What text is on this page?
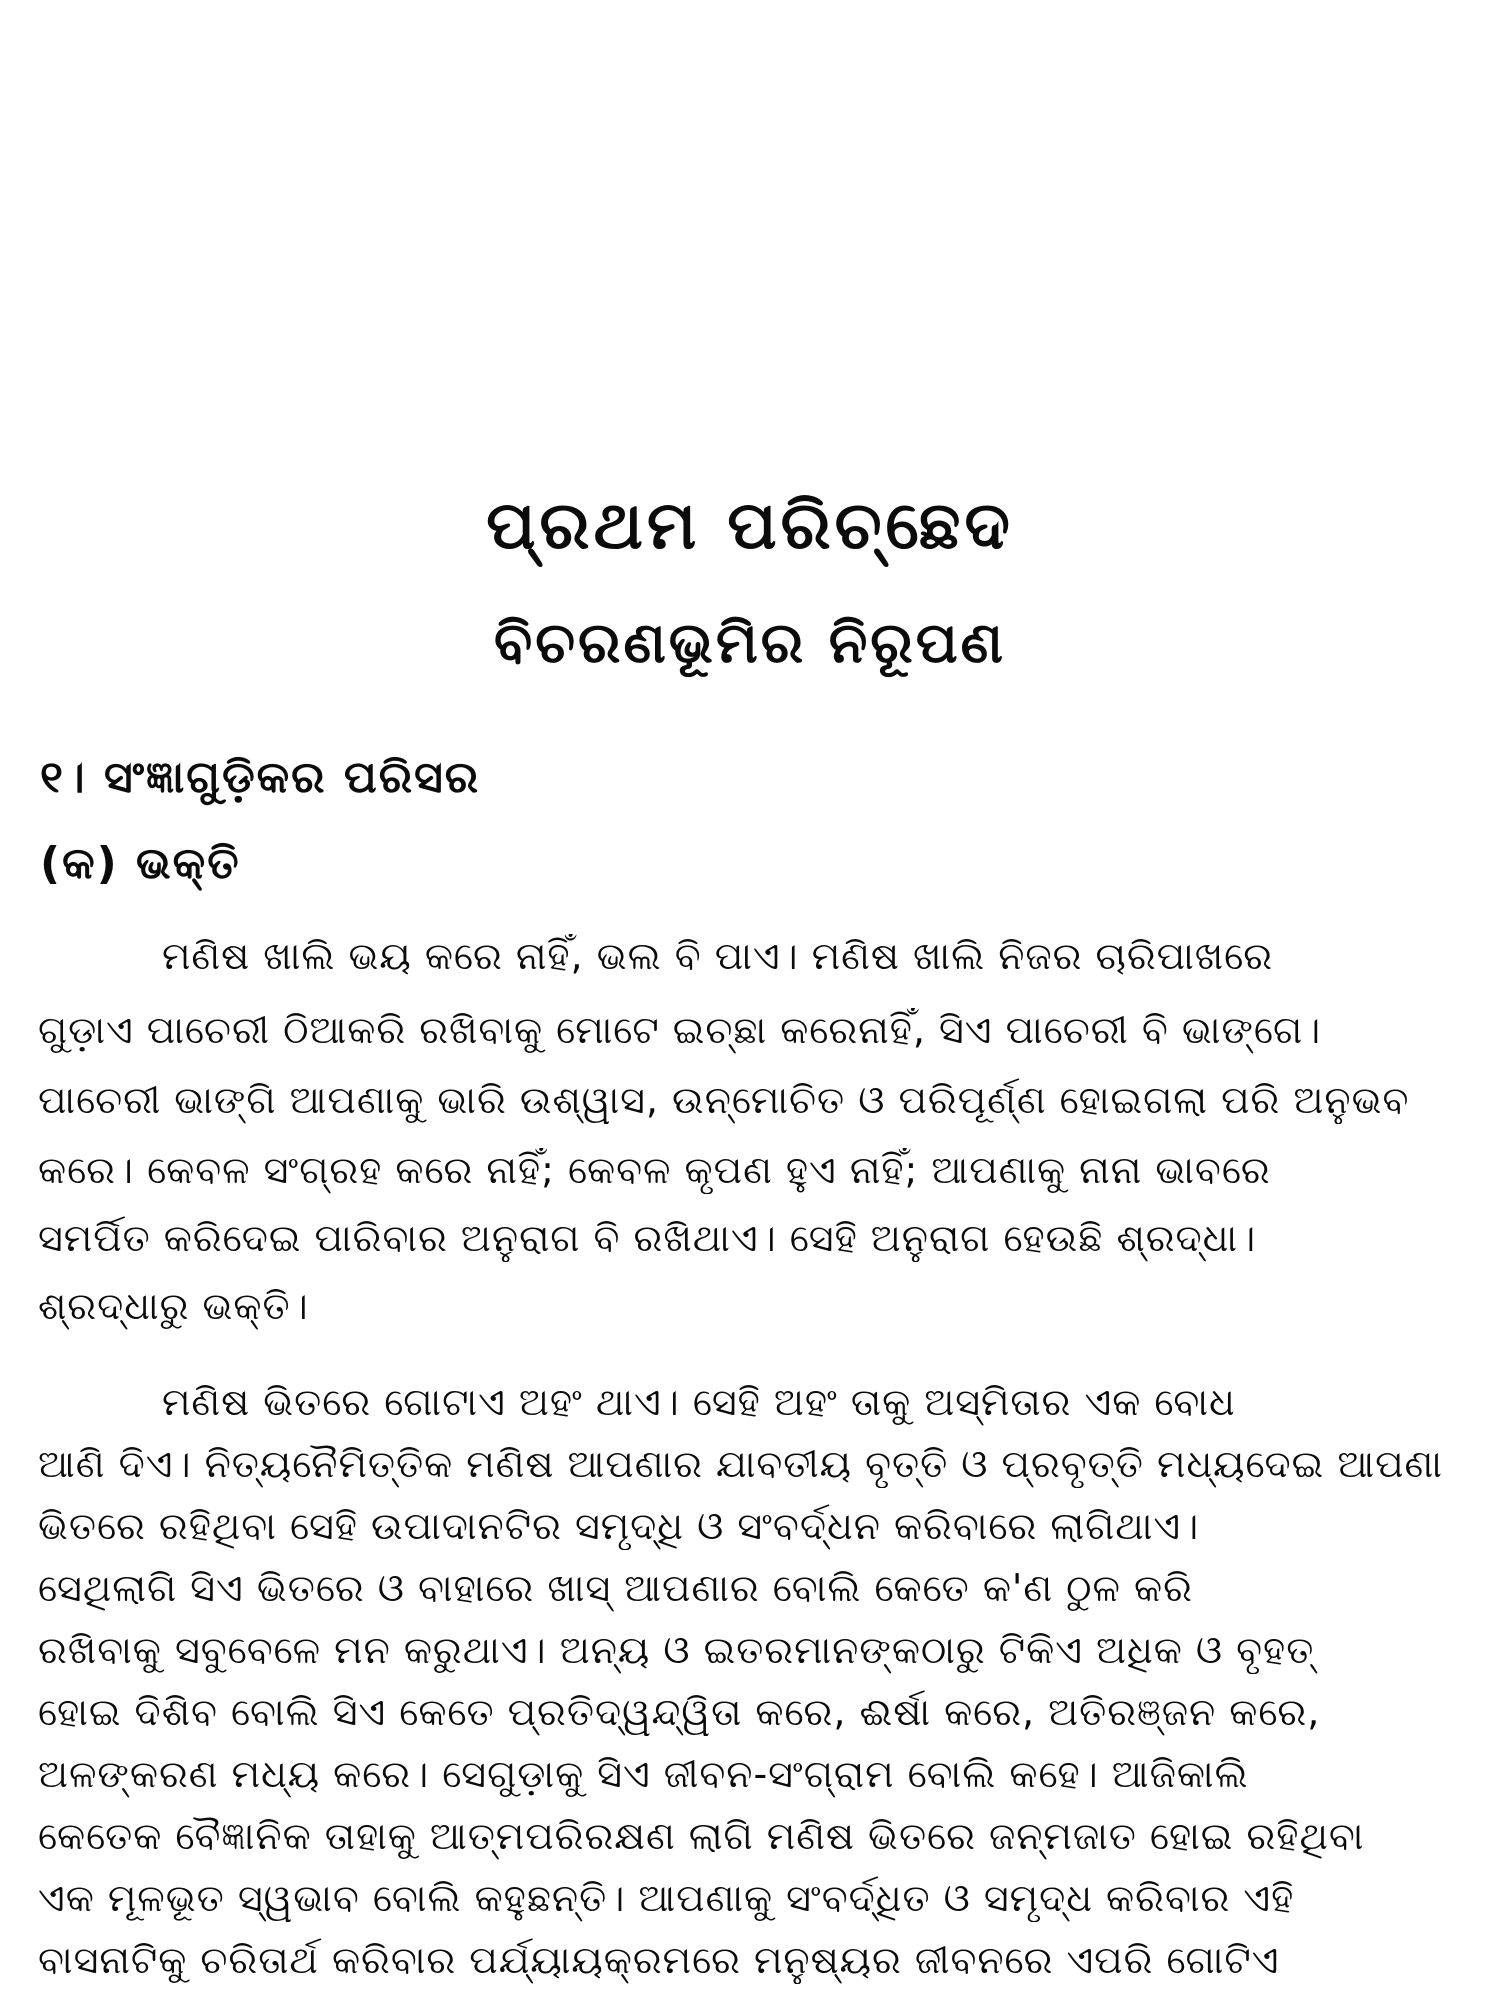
ପ୍ରଥମ ପରିଚ୍ଛେଦ
ବିଚରଣଭୂମିର ନିରୂପଣ
୧। ସଂଜ୍ଞାଗୁଡ଼ିକର ପରିସର
(କ) ଭକ୍ତି
ମଣିଷ ଖାଲି ଭୟ କରେ ନାହିଁ, ଭଲ ବି ପାଏ। ମଣିଷ ଖାଲି ନିଜର ଚାରିପାଖରେ
ଗୁଡ଼ାଏ ପାଚେରୀ ଠିଆକରି ରଖିବାକୁ ମୋଟେ ଇଚ୍ଛା କରେନାହିଁ, ସିଏ ପାଚେରୀ ବି ଭାଙ୍ଗେ।
ପାଚେରୀ ଭାଙ୍ଗି ଆପଣାକୁ ଭାରି ଉଶ୍ୱାସ, ଉନ୍ମୋଚିତ ଓ ପରିପୂର୍ଣ୍ଣ ହୋଇଗଲା ପରି ଅନୁଭବ
କରେ। କେବଳ ସଂଗ୍ରହ କରେ ନାହିଁ; କେବଳ କୃପଣ ହୁଏ ନାହିଁ; ଆପଣାକୁ ନାନା ଭାବରେ
ସମର୍ପିତ କରିଦେଇ ପାରିବାର ଅନୁରାଗ ବି ରଖିଥାଏ। ସେହି ଅନୁରାଗ ହେଉଛି ଶ୍ରଦ୍ଧା।
ଶ୍ରଦ୍ଧାରୁ ଭକ୍ତି।
ମଣିଷ ଭିତରେ ଗୋଟାଏ ଅହଂ ଥାଏ। ସେହି ଅହଂ ତାକୁ ଅସ୍ମିତାର ଏକ ବୋଧ
ଆଣି ଦିଏ। ନିତ୍ୟନୈମିତ୍ତିକ ମଣିଷ ଆପଣାର ଯାବତୀୟ ବୃତ୍ତି ଓ ପ୍ରବୃତ୍ତି ମଧ୍ୟଦେଇ ଆପଣା
ଭିତରେ ରହିଥିବା ସେହି ଉପାଦାନଟିର ସମୃଦ୍ଧି ଓ ସଂବର୍ଦ୍ଧନ କରିବାରେ ଲାଗିଥାଏ।
ସେଥିଲାଗି ସିଏ ଭିତରେ ଓ ବାହାରେ ଖାସ୍ ଆପଣାର ବୋଲି କେତେ କ'ଣ ଠୁଳ କରି
ରଖିବାକୁ ସବୁବେଳେ ମନ କରୁଥାଏ। ଅନ୍ୟ ଓ ଇତରମାନଙ୍କଠାରୁ ଟିକିଏ ଅଧିକ ଓ ବୃହତ୍
ହୋଇ ଦିଶିବ ବୋଲି ସିଏ କେତେ ପ୍ରତିଦ୍ୱନ୍ଦ୍ୱିତା କରେ, ଈର୍ଷା କରେ, ଅତିରଞ୍ଜନ କରେ,
ଅଳଙ୍କରଣ ମଧ୍ୟ କରେ। ସେଗୁଡ଼ାକୁ ସିଏ ଜୀବନ-ସଂଗ୍ରାମ ବୋଲି କହେ। ଆଜିକାଲି
କେତେକ ବୈଜ୍ଞାନିକ ତାହାକୁ ଆତ୍ମପରିରକ୍ଷଣ ଲାଗି ମଣିଷ ଭିତରେ ଜନ୍ମଜାତ ହୋଇ ରହିଥିବା
ଏକ ମୂଳଭୂତ ସ୍ୱଭାବ ବୋଲି କହୁଛନ୍ତି। ଆପଣାକୁ ସଂବର୍ଦ୍ଧିତ ଓ ସମୃଦ୍ଧ କରିବାର ଏହି
ବାସନାଟିକୁ ଚରିତାର୍ଥ କରିବାର ପର୍ଯ୍ୟାୟକ୍ରମରେ ମନୁଷ୍ୟର ଜୀବନରେ ଏପରି ଗୋଟିଏ
